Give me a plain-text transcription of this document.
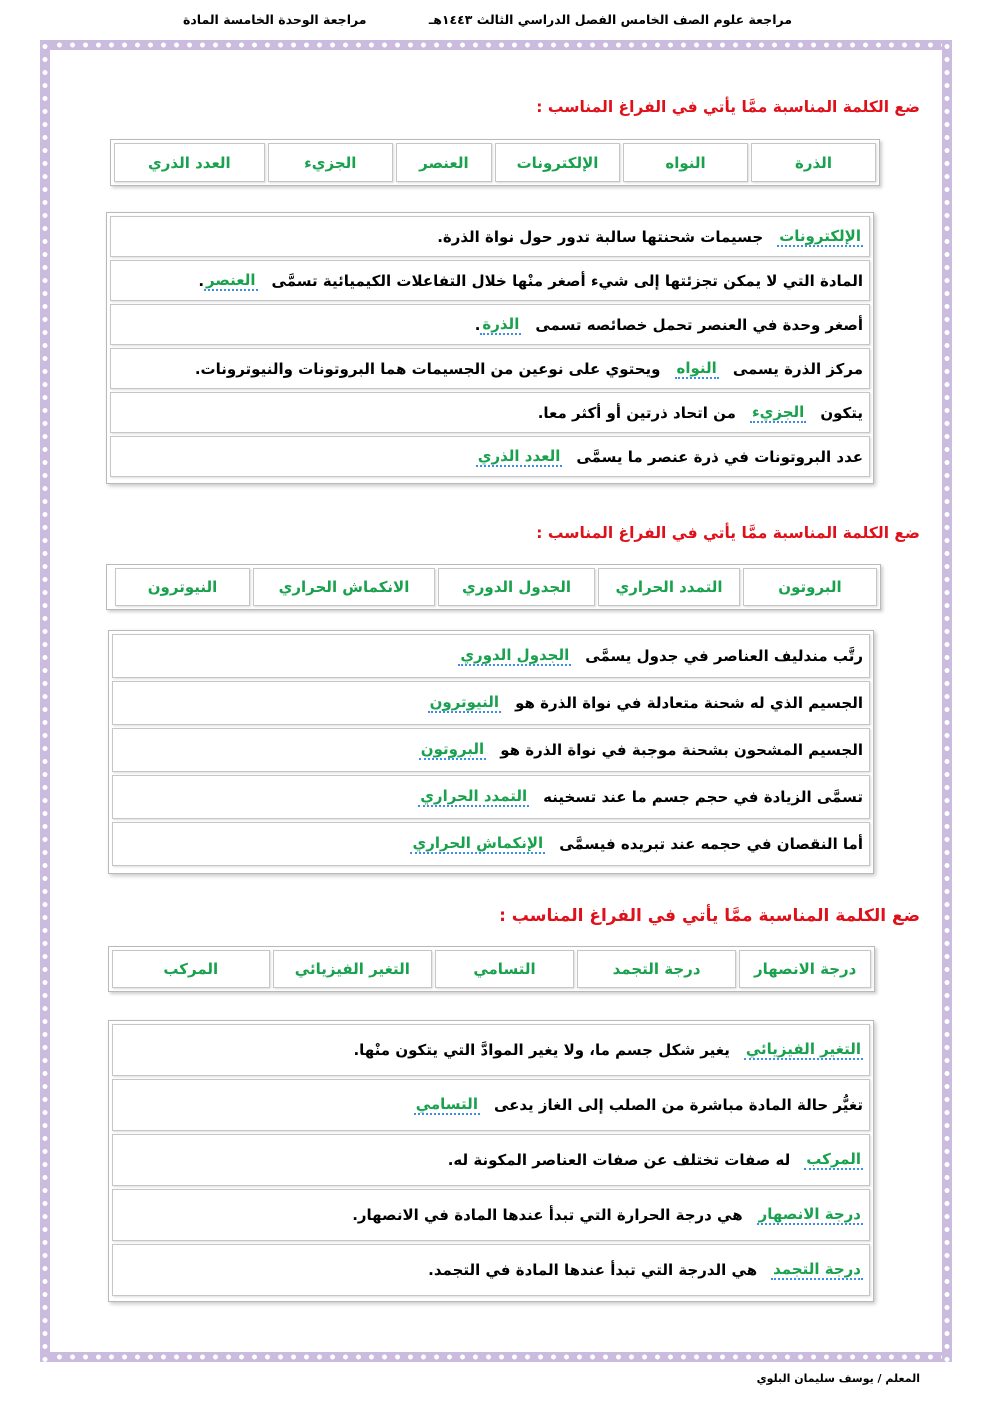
مراجعة علوم الصف الخامس الفصل الدراسي الثالث ١٤٤٣هـ
مراجعة الوحدة الخامسة المادة
ضع الكلمة المناسبة ممَّا يأتي في الفراغ المناسب :
الذرة
النواه
الإلكترونات
العنصر
الجزيء
العدد الذري
الإلكترونات
جسيمات شحنتها سالبة تدور حول نواة الذرة.
المادة التي لا يمكن تجزئتها إلى شيء أصغر منْها خلال التفاعلات الكيميائية تسمَّى
العنصر
.
أصغر وحدة في العنصر تحمل خصائصه تسمى
الذرة
.
مركز الذرة يسمى
النواه
ويحتوي على نوعين من الجسيمات هما البروتونات والنيوترونات.
يتكون
الجزيء
من اتحاد ذرتين أو أكثر معا.
عدد البروتونات في ذرة عنصر ما يسمَّى
العدد الذري
ضع الكلمة المناسبة ممَّا يأتي في الفراغ المناسب :
البروتون
التمدد الحراري
الجدول الدوري
الانكماش الحراري
النيوترون
رتَّب مندليف العناصر في جدول يسمَّى
الجدول الدوري
الجسيم الذي له شحنة متعادلة في نواة الذرة هو
النيوترون
الجسيم المشحون بشحنة موجبة في نواة الذرة هو
البروتون
تسمَّى الزيادة في حجم جسم ما عند تسخينه
التمدد الحراري
أما النقصان في حجمه عند تبريده فيسمَّى
الإنكماش الحراري
ضع الكلمة المناسبة ممَّا يأتي في الفراغ المناسب :
درجة الانصهار
درجة التجمد
التسامي
التغير الفيزيائي
المركب
التغير الفيزيائي
يغير شكل جسم ما، ولا يغير الموادَّ التي يتكون منْها.
تغيُّر حالة المادة مباشرة من الصلب إلى الغاز يدعى
التسامي
المركب
له صفات تختلف عن صفات العناصر المكونة له.
درجة الانصهار
هي درجة الحرارة التي تبدأ عندها المادة في الانصهار.
درجة التجمد
هي الدرجة التي تبدأ عندها المادة في التجمد.
المعلم / يوسف سليمان البلوي
